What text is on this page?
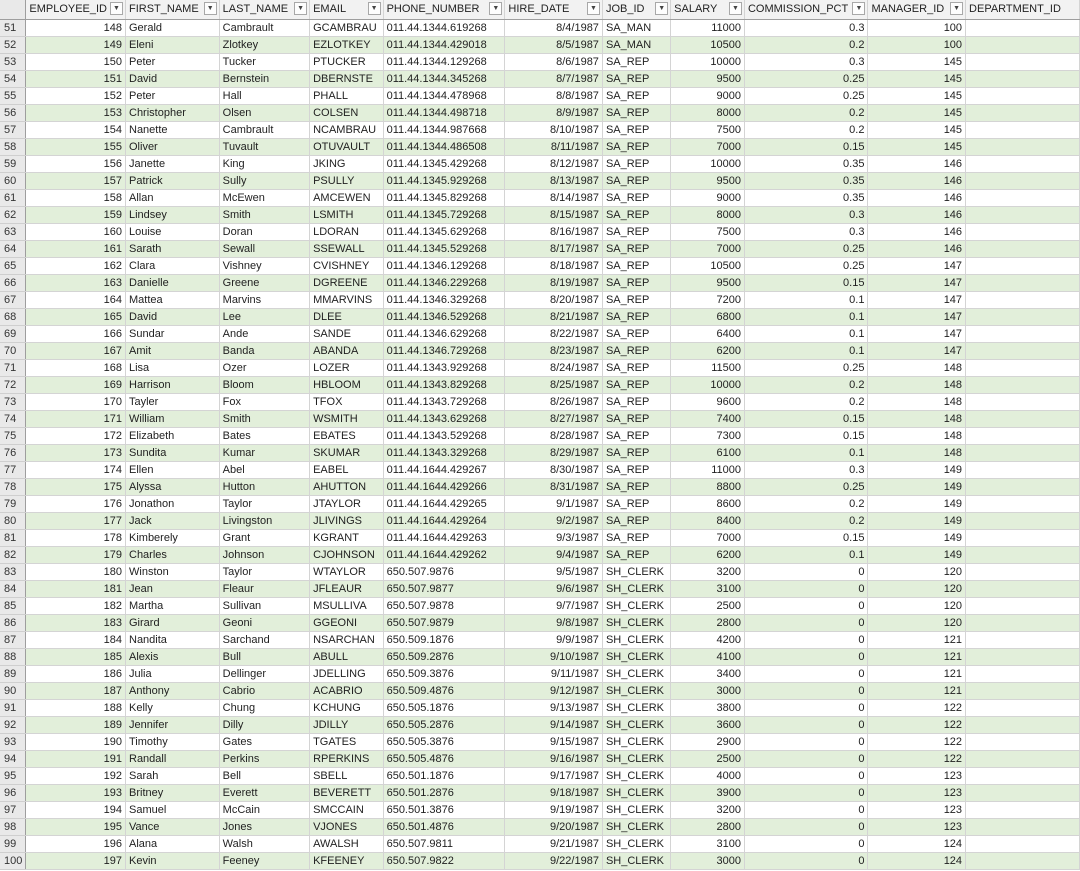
	EMPLOYEE_ID ▼	FIRST_NAME ▼	LAST_NAME ▼	EMAIL ▼	PHONE_NUMBER ▼	HIRE_DATE ▼	JOB_ID ▼	SALARY ▼	COMMISSION_PCT ▼	MANAGER_ID ▼	DEPARTMENT_ID
51	148	Gerald	Cambrault	GCAMBRAU	011.44.1344.619268	8/4/1987	SA_MAN	11000	0.3	100	
52	149	Eleni	Zlotkey	EZLOTKEY	011.44.1344.429018	8/5/1987	SA_MAN	10500	0.2	100	
53	150	Peter	Tucker	PTUCKER	011.44.1344.129268	8/6/1987	SA_REP	10000	0.3	145	
54	151	David	Bernstein	DBERNSTE	011.44.1344.345268	8/7/1987	SA_REP	9500	0.25	145	
55	152	Peter	Hall	PHALL	011.44.1344.478968	8/8/1987	SA_REP	9000	0.25	145	
56	153	Christopher	Olsen	COLSEN	011.44.1344.498718	8/9/1987	SA_REP	8000	0.2	145	
57	154	Nanette	Cambrault	NCAMBRAU	011.44.1344.987668	8/10/1987	SA_REP	7500	0.2	145	
58	155	Oliver	Tuvault	OTUVAULT	011.44.1344.486508	8/11/1987	SA_REP	7000	0.15	145	
59	156	Janette	King	JKING	011.44.1345.429268	8/12/1987	SA_REP	10000	0.35	146	
60	157	Patrick	Sully	PSULLY	011.44.1345.929268	8/13/1987	SA_REP	9500	0.35	146	
61	158	Allan	McEwen	AMCEWEN	011.44.1345.829268	8/14/1987	SA_REP	9000	0.35	146	
62	159	Lindsey	Smith	LSMITH	011.44.1345.729268	8/15/1987	SA_REP	8000	0.3	146	
63	160	Louise	Doran	LDORAN	011.44.1345.629268	8/16/1987	SA_REP	7500	0.3	146	
64	161	Sarath	Sewall	SSEWALL	011.44.1345.529268	8/17/1987	SA_REP	7000	0.25	146	
65	162	Clara	Vishney	CVISHNEY	011.44.1346.129268	8/18/1987	SA_REP	10500	0.25	147	
66	163	Danielle	Greene	DGREENE	011.44.1346.229268	8/19/1987	SA_REP	9500	0.15	147	
67	164	Mattea	Marvins	MMARVINS	011.44.1346.329268	8/20/1987	SA_REP	7200	0.1	147	
68	165	David	Lee	DLEE	011.44.1346.529268	8/21/1987	SA_REP	6800	0.1	147	
69	166	Sundar	Ande	SANDE	011.44.1346.629268	8/22/1987	SA_REP	6400	0.1	147	
70	167	Amit	Banda	ABANDA	011.44.1346.729268	8/23/1987	SA_REP	6200	0.1	147	
71	168	Lisa	Ozer	LOZER	011.44.1343.929268	8/24/1987	SA_REP	11500	0.25	148	
72	169	Harrison	Bloom	HBLOOM	011.44.1343.829268	8/25/1987	SA_REP	10000	0.2	148	
73	170	Tayler	Fox	TFOX	011.44.1343.729268	8/26/1987	SA_REP	9600	0.2	148	
74	171	William	Smith	WSMITH	011.44.1343.629268	8/27/1987	SA_REP	7400	0.15	148	
75	172	Elizabeth	Bates	EBATES	011.44.1343.529268	8/28/1987	SA_REP	7300	0.15	148	
76	173	Sundita	Kumar	SKUMAR	011.44.1343.329268	8/29/1987	SA_REP	6100	0.1	148	
77	174	Ellen	Abel	EABEL	011.44.1644.429267	8/30/1987	SA_REP	11000	0.3	149	
78	175	Alyssa	Hutton	AHUTTON	011.44.1644.429266	8/31/1987	SA_REP	8800	0.25	149	
79	176	Jonathon	Taylor	JTAYLOR	011.44.1644.429265	9/1/1987	SA_REP	8600	0.2	149	
80	177	Jack	Livingston	JLIVINGS	011.44.1644.429264	9/2/1987	SA_REP	8400	0.2	149	
81	178	Kimberely	Grant	KGRANT	011.44.1644.429263	9/3/1987	SA_REP	7000	0.15	149	
82	179	Charles	Johnson	CJOHNSON	011.44.1644.429262	9/4/1987	SA_REP	6200	0.1	149	
83	180	Winston	Taylor	WTAYLOR	650.507.9876	9/5/1987	SH_CLERK	3200	0	120	
84	181	Jean	Fleaur	JFLEAUR	650.507.9877	9/6/1987	SH_CLERK	3100	0	120	
85	182	Martha	Sullivan	MSULLIVA	650.507.9878	9/7/1987	SH_CLERK	2500	0	120	
86	183	Girard	Geoni	GGEONI	650.507.9879	9/8/1987	SH_CLERK	2800	0	120	
87	184	Nandita	Sarchand	NSARCHAN	650.509.1876	9/9/1987	SH_CLERK	4200	0	121	
88	185	Alexis	Bull	ABULL	650.509.2876	9/10/1987	SH_CLERK	4100	0	121	
89	186	Julia	Dellinger	JDELLING	650.509.3876	9/11/1987	SH_CLERK	3400	0	121	
90	187	Anthony	Cabrio	ACABRIO	650.509.4876	9/12/1987	SH_CLERK	3000	0	121	
91	188	Kelly	Chung	KCHUNG	650.505.1876	9/13/1987	SH_CLERK	3800	0	122	
92	189	Jennifer	Dilly	JDILLY	650.505.2876	9/14/1987	SH_CLERK	3600	0	122	
93	190	Timothy	Gates	TGATES	650.505.3876	9/15/1987	SH_CLERK	2900	0	122	
94	191	Randall	Perkins	RPERKINS	650.505.4876	9/16/1987	SH_CLERK	2500	0	122	
95	192	Sarah	Bell	SBELL	650.501.1876	9/17/1987	SH_CLERK	4000	0	123	
96	193	Britney	Everett	BEVERETT	650.501.2876	9/18/1987	SH_CLERK	3900	0	123	
97	194	Samuel	McCain	SMCCAIN	650.501.3876	9/19/1987	SH_CLERK	3200	0	123	
98	195	Vance	Jones	VJONES	650.501.4876	9/20/1987	SH_CLERK	2800	0	123	
99	196	Alana	Walsh	AWALSH	650.507.9811	9/21/1987	SH_CLERK	3100	0	124	
100	197	Kevin	Feeney	KFEENEY	650.507.9822	9/22/1987	SH_CLERK	3000	0	124	
